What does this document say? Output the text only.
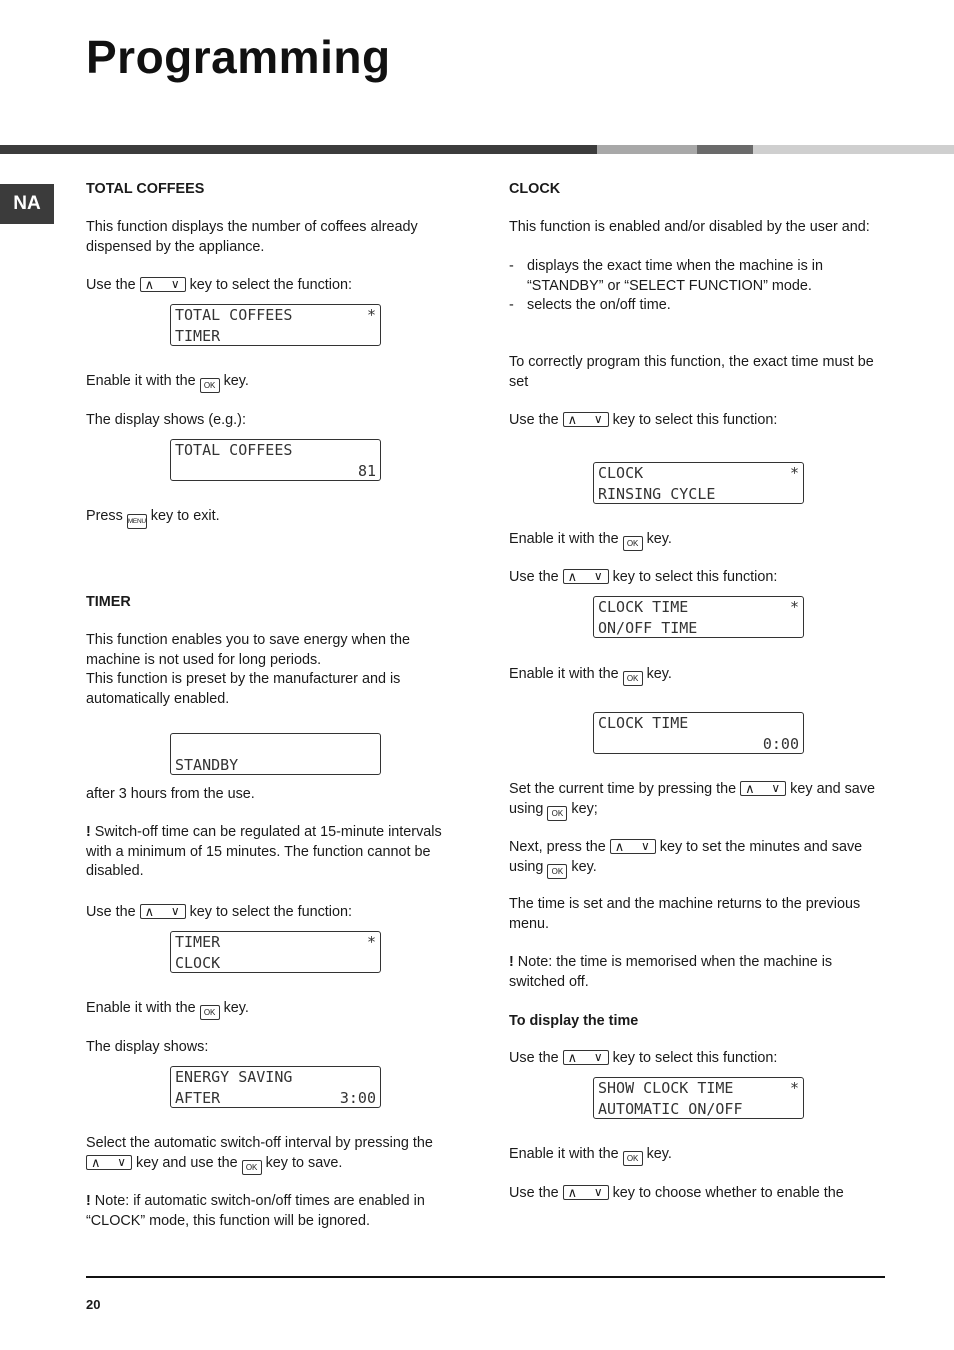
Programming
NA

TOTAL COFFEES

This function displays the number of coffees already dispensed by the appliance.

Use the ∧ ∨ key to select the function:

TOTAL COFFEES	*
TIMER

Enable it with the OK key.

The display shows (e.g.):

TOTAL COFFEES
81

Press MENU key to exit.

TIMER

This function enables you to save energy when the machine is not used for long periods.

This function is preset by the manufacturer and is automatically enabled.

STANDBY

after 3 hours from the use.

! Switch-off time can be regulated at 15-minute intervals with a minimum of 15 minutes. The function cannot be disabled.

Use the ∧ ∨ key to select the function:

TIMER	*
CLOCK

Enable it with the OK key.

The display shows:

ENERGY SAVING
AFTER	3:00

Select the automatic switch-off interval by pressing the
∧ ∨ key and use the OK key to save.

! Note: if automatic switch-on/off times are enabled in “CLOCK” mode, this function will be ignored.

CLOCK

This function is enabled and/or disabled by the user and:

- displays the exact time when the machine is in “STANDBY” or “SELECT FUNCTION” mode.
- selects the on/off time.

To correctly program this function, the exact time must be set

Use the ∧ ∨ key to select this function:

CLOCK	*
RINSING CYCLE

Enable it with the OK key.

Use the ∧ ∨ key to select this function:

CLOCK TIME	*
ON/OFF TIME

Enable it with the OK key.

CLOCK TIME
0:00

Set the current time by pressing the ∧ ∨ key and save using OK key;

Next, press the ∧ ∨ key to set the minutes and save using OK key.

The time is set and the machine returns to the previous menu.

! Note: the time is memorised when the machine is switched off.

To display the time

Use the ∧ ∨ key to select this function:

SHOW CLOCK TIME	*
AUTOMATIC ON/OFF

Enable it with the OK key.

Use the ∧ ∨ key to choose whether to enable the

20
